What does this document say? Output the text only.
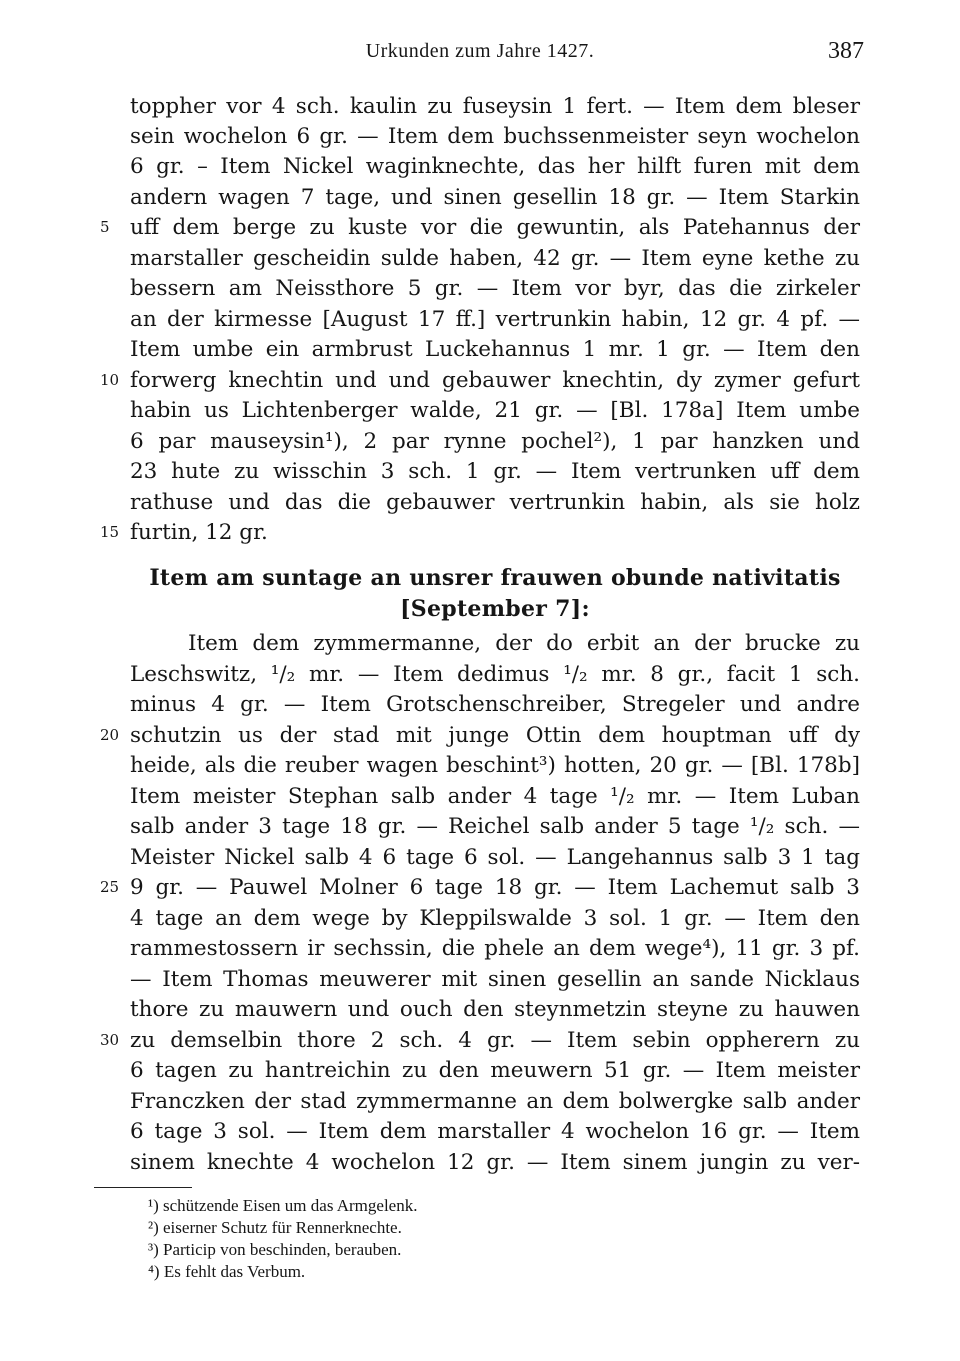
Urkunden zum Jahre 1427.	387
toppher vor 4 sch. kaulin zu fuseysin 1 fert. — Item dem bleser
sein wochelon 6 gr. — Item dem buchssenmeister seyn wochelon
6 gr. – Item Nickel waginknechte, das her hilft furen mit dem
andern wagen 7 tage, und sinen gesellin 18 gr. — Item Starkin
uff dem berge zu kuste vor die gewuntin, als Patehannus der
marstaller gescheidin sulde haben, 42 gr. — Item eyne kethe zu
bessern am Neissthore 5 gr. — Item vor byr, das die zirkeler
an der kirmesse [August 17 ff.] vertrunkin habin, 12 gr. 4 pf. —
Item umbe ein armbrust Luckehannus 1 mr. 1 gr. — Item den
forwerg knechtin und und gebauwer knechtin, dy zymer gefurt
habin us Lichtenberger walde, 21 gr. — [Bl. 178a] Item umbe
6 par mauseysin¹), 2 par rynne pochel²), 1 par hanzken und
23 hute zu wisschin 3 sch. 1 gr. — Item vertrunken uff dem
rathuse und das die gebauwer vertrunkin habin, als sie holz
furtin, 12 gr.
Item am suntage an unsrer frauwen obunde nativitatis
[September 7]:
Item dem zymmermanne, der do erbit an der brucke zu
Leschswitz, ¹/₂ mr. — Item dedimus ¹/₂ mr. 8 gr., facit 1 sch.
minus 4 gr. — Item Grotschenschreiber, Stregeler und andre
schutzin us der stad mit junge Ottin dem houptman uff dy
heide, als die reuber wagen beschint³) hotten, 20 gr. — [Bl. 178b]
Item meister Stephan salb ander 4 tage ¹/₂ mr. — Item Luban
salb ander 3 tage 18 gr. — Reichel salb ander 5 tage ¹/₂ sch. —
Meister Nickel salb 4 6 tage 6 sol. — Langehannus salb 3 1 tag
9 gr. — Pauwel Molner 6 tage 18 gr. — Item Lachemut salb 3
4 tage an dem wege by Kleppilswalde 3 sol. 1 gr. — Item den
rammestossern ir sechssin, die phele an dem wege⁴), 11 gr. 3 pf.
— Item Thomas meuwerer mit sinen gesellin an sande Nicklaus
thore zu mauwern und ouch den steynmetzin steyne zu hauwen
zu demselbin thore 2 sch. 4 gr. — Item sebin oppherern zu
6 tagen zu hantreichin zu den meuwern 51 gr. — Item meister
Franczken der stad zymmermanne an dem bolwergke salb ander
6 tage 3 sol. — Item dem marstaller 4 wochelon 16 gr. — Item
sinem knechte 4 wochelon 12 gr. — Item sinem jungin zu ver-
5
10
15
20
25
30
¹) schützende Eisen um das Armgelenk.
²) eiserner Schutz für Rennerknechte.
³) Particip von beschinden, berauben.
⁴) Es fehlt das Verbum.
